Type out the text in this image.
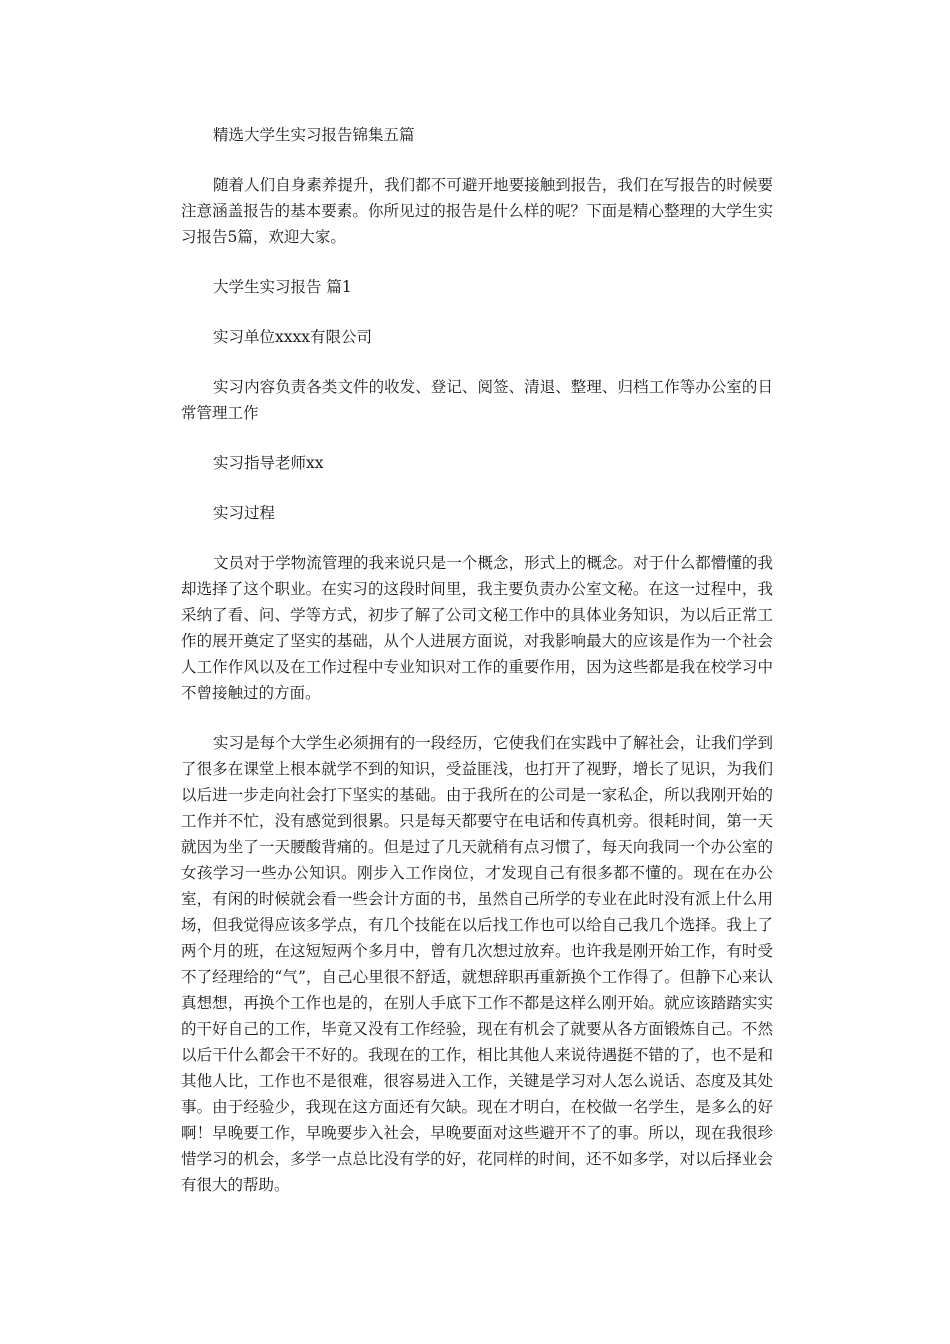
精选大学生实习报告锦集五篇

随着人们自身素养提升，我们都不可避开地要接触到报告，我们在写报告的时候要注意涵盖报告的基本要素。你所见过的报告是什么样的呢？下面是精心整理的大学生实习报告5篇，欢迎大家。

大学生实习报告 篇1

实习单位xxxx有限公司

实习内容负责各类文件的收发、登记、阅签、清退、整理、归档工作等办公室的日常管理工作

实习指导老师xx

实习过程

文员对于学物流管理的我来说只是一个概念，形式上的概念。对于什么都懵懂的我却选择了这个职业。在实习的这段时间里，我主要负责办公室文秘。在这一过程中，我采纳了看、问、学等方式，初步了解了公司文秘工作中的具体业务知识，为以后正常工作的展开奠定了坚实的基础，从个人进展方面说，对我影响最大的应该是作为一个社会人工作作风以及在工作过程中专业知识对工作的重要作用，因为这些都是我在校学习中不曾接触过的方面。

实习是每个大学生必须拥有的一段经历，它使我们在实践中了解社会，让我们学到了很多在课堂上根本就学不到的知识，受益匪浅，也打开了视野，增长了见识，为我们以后进一步走向社会打下坚实的基础。由于我所在的公司是一家私企，所以我刚开始的工作并不忙，没有感觉到很累。只是每天都要守在电话和传真机旁。很耗时间，第一天就因为坐了一天腰酸背痛的。但是过了几天就稍有点习惯了，每天向我同一个办公室的女孩学习一些办公知识。刚步入工作岗位，才发现自己有很多都不懂的。现在在办公室，有闲的时候就会看一些会计方面的书，虽然自己所学的专业在此时没有派上什么用场，但我觉得应该多学点，有几个技能在以后找工作也可以给自己我几个选择。我上了两个月的班，在这短短两个多月中，曾有几次想过放弃。也许我是刚开始工作，有时受不了经理给的“气”，自己心里很不舒适，就想辞职再重新换个工作得了。但静下心来认真想想，再换个工作也是的，在别人手底下工作不都是这样么刚开始。就应该踏踏实实的干好自己的工作，毕竟又没有工作经验，现在有机会了就要从各方面锻炼自己。不然以后干什么都会干不好的。我现在的工作，相比其他人来说待遇挺不错的了，也不是和其他人比，工作也不是很难，很容易进入工作，关键是学习对人怎么说话、态度及其处事。由于经验少，我现在这方面还有欠缺。现在才明白，在校做一名学生，是多么的好啊！早晚要工作，早晚要步入社会，早晚要面对这些避开不了的事。所以，现在我很珍惜学习的机会，多学一点总比没有学的好，花同样的时间，还不如多学，对以后择业会有很大的帮助。
